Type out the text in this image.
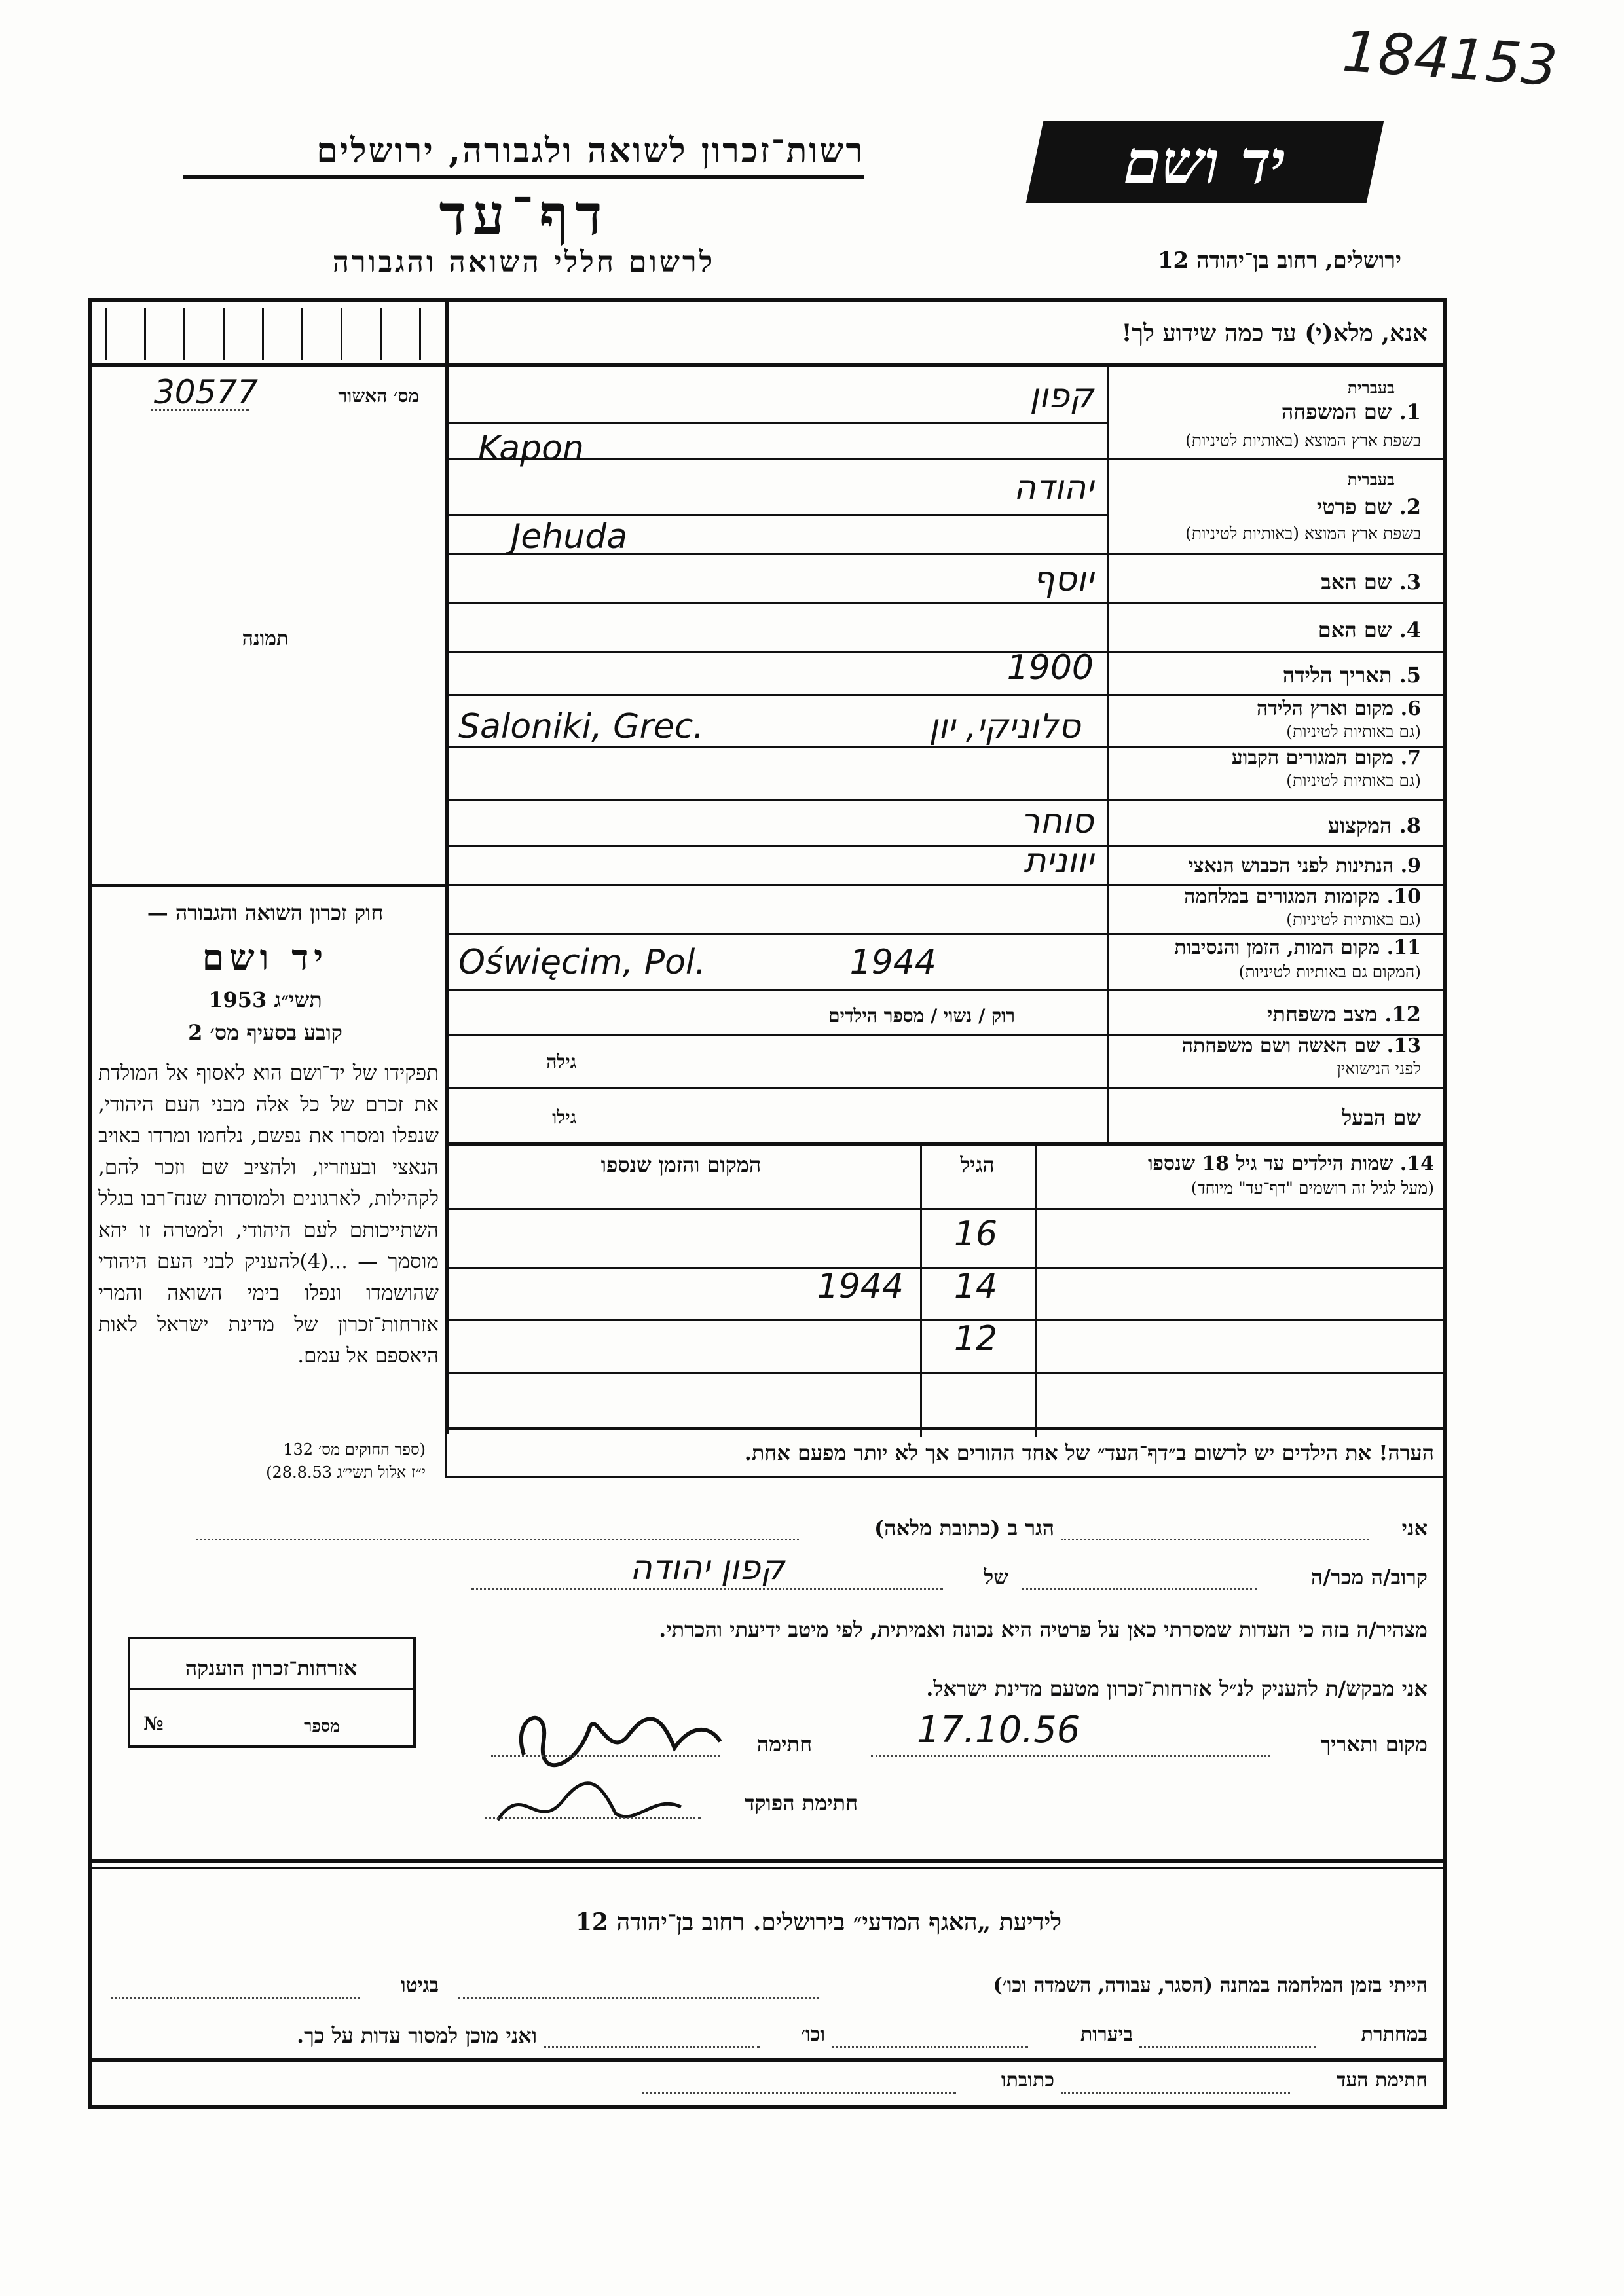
184153
רשות־זכרון לשואה ולגבורה, ירושלים
דף־עד
לרשום חללי השואה והגבורה
יד ושם
ירושלים, רחוב בן־יהודה 12
אנא, מלא(י) עד כמה שידוע לך!
מס׳ האשור
30577
תמונה
1. שם המשפחה
בעברית
בשפת ארץ המוצא (באותיות לטיניות)
קפון
Kapon
בעברית
2. שם פרטי
בשפת ארץ המוצא (באותיות לטיניות)
יהודה
Jehuda
3. שם האב
יוסף
4. שם האם
5. תאריך הלידה
1900
6. מקום וארץ הלידה
(גם באותיות לטיניות)
סלוניקי, יון
Saloniki, Grec.
7. מקום המגורים הקבוע
(גם באותיות לטיניות)
8. המקצוע
סוחר
9. הנתינות לפני הכבוש הנאצי
יוונית
10. מקומות המגורים במלחמה
(גם באותיות לטיניות)
11. מקום המות, הזמן והנסיבות
(המקום גם באותיות לטיניות)
1944
Oświęcim, Pol.
12. מצב משפחתי
רוק / נשוי / מספר הילדים
13. שם האשה ושם משפחתה
לפני הנישואין
גילה
שם הבעל
גילו
14. שמות הילדים עד גיל 18 שנספו
(מעל לגיל זה רושמים "דף־עד" מיוחד)
הגיל
המקום והזמן שנספו
16
14
1944
12
חוק זכרון השואה והגבורה —
יד ושם
תשי״ג 1953
קובע בסעיף מס׳ 2
תפקידו של יד־ושם הוא לאסוף אל המולדת את זכרם של כל אלה מבני העם היהודי, שנפלו ומסרו את נפשם, נלחמו ומרדו באויב הנאצי ובעוזריו, ולהציב שם וזכר להם, לקהילות, לארגונים ולמוסדות שנח־רבו בגלל השתייכותם לעם היהודי, ולמטרה זו יהא מוסמך — ...(4)להעניק לבני העם היהודי שהושמדו ונפלו בימי השואה והמרי אזרחות־זכרון של מדינת ישראל לאות היאספם אל עמם.
(ספר החוקים מס׳ 132
י״ז אלול תשי״ג 28.8.53)
הערה! את הילדים יש לרשום ב״דף־העד״ של אחד ההורים אך לא יותר מפעם אחת.
אני
הגר ב (כתובת מלאה)
קרוב/ה מכר/ה
של
קפון יהודה
מצהיר/ה בזה כי העדות שמסרתי כאן על פרטיה היא נכונה ואמיתית, לפי מיטב ידיעתי והכרתי.
אני מבקש/ת להעניק לנ״ל אזרחות־זכרון מטעם מדינת ישראל.
מקום ותאריך
17.10.56
חתימה
חתימת הפוקד
אזרחות־זכרון הוענקה
מספר
№
לידיעת „האגף המדעי״ בירושלים. רחוב בן־יהודה 12
הייתי בזמן המלחמה במחנה (הסגר, עבודה, השמדה וכו׳)
בגיטו
במחתרת
ביערות
וכו׳
ואני מוכן למסור עדות על כך.
חתימת העד
כתובתו
